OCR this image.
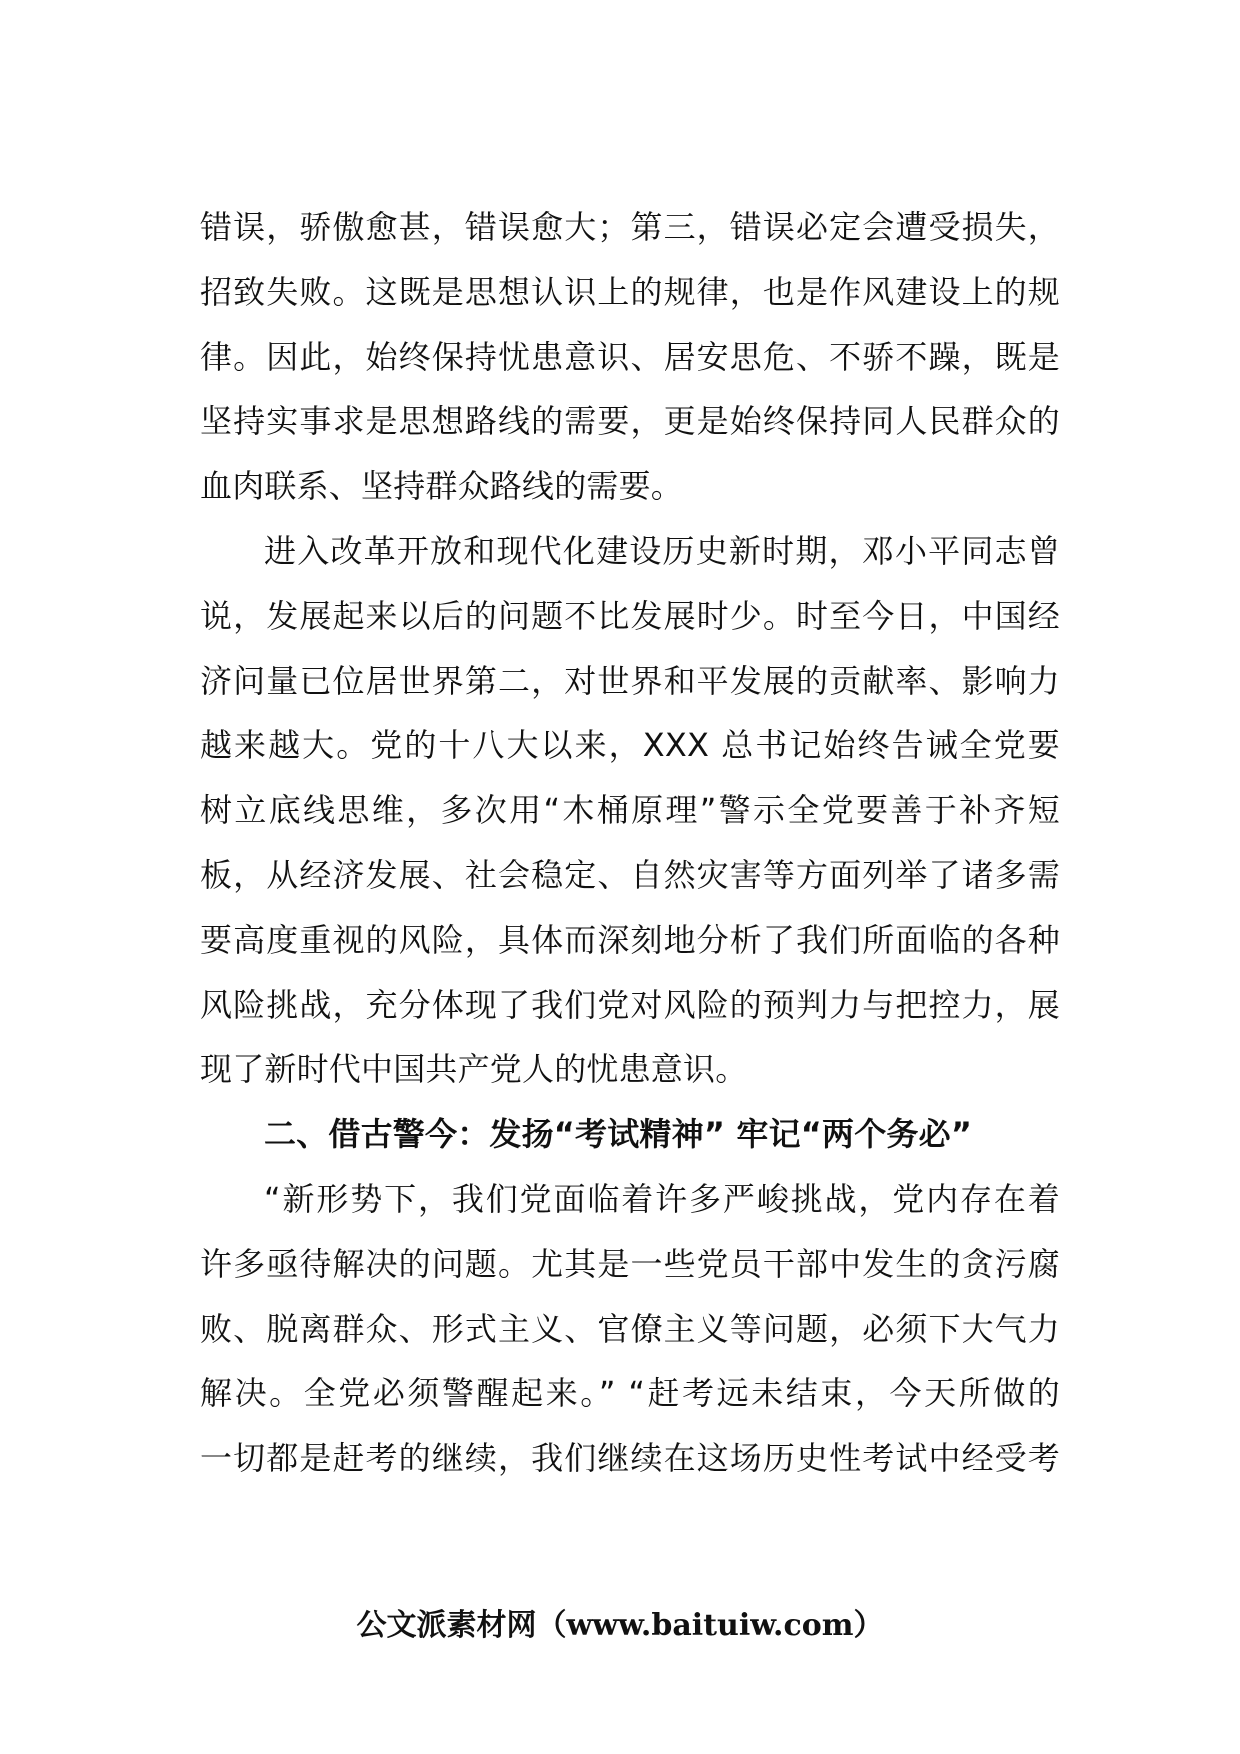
错误，骄傲愈甚，错误愈大；第三，错误必定会遭受损失，
招致失败。这既是思想认识上的规律，也是作风建设上的规
律。因此，始终保持忧患意识、居安思危、不骄不躁，既是
坚持实事求是思想路线的需要，更是始终保持同人民群众的
血肉联系、坚持群众路线的需要。
进入改革开放和现代化建设历史新时期，邓小平同志曾
说，发展起来以后的问题不比发展时少。时至今日，中国经
济问量已位居世界第二，对世界和平发展的贡献率、影响力
越来越大。党的十八大以来，XXX 总书记始终告诫全党要
树立底线思维，多次用“木桶原理”警示全党要善于补齐短
板，从经济发展、社会稳定、自然灾害等方面列举了诸多需
要高度重视的风险，具体而深刻地分析了我们所面临的各种
风险挑战，充分体现了我们党对风险的预判力与把控力，展
现了新时代中国共产党人的忧患意识。
二、借古警今：发扬“考试精神” 牢记“两个务必”
“新形势下，我们党面临着许多严峻挑战，党内存在着
许多亟待解决的问题。尤其是一些党员干部中发生的贪污腐
败、脱离群众、形式主义、官僚主义等问题，必须下大气力
解决。全党必须警醒起来。” “赶考远未结束，今天所做的
一切都是赶考的继续，我们继续在这场历史性考试中经受考
公文派素材网（www.baituiw.com）
